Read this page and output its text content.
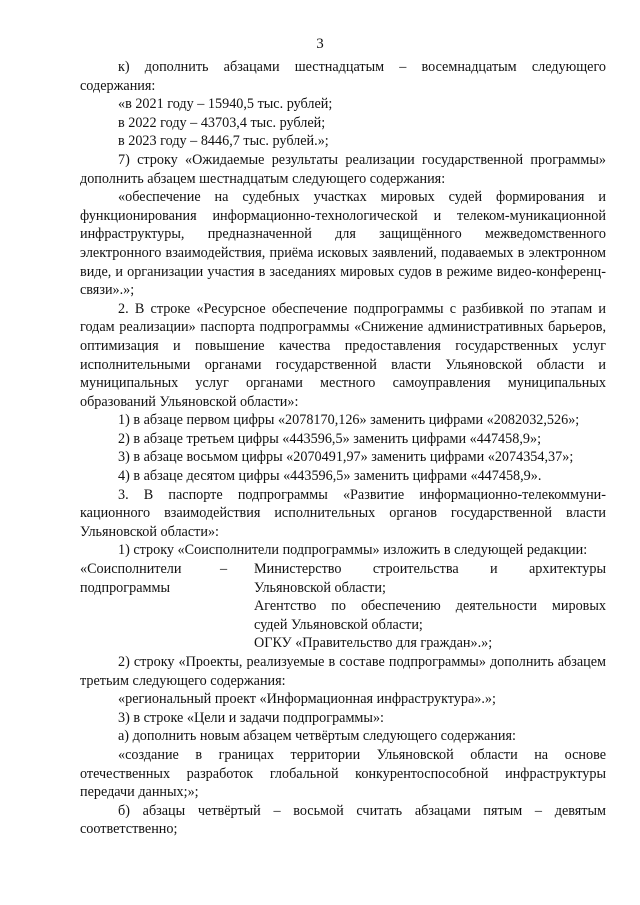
3

к) дополнить абзацами шестнадцатым – восемнадцатым следующего содержания:

«в 2021 году – 15940,5 тыс. рублей;

в 2022 году – 43703,4 тыс. рублей;

в 2023 году – 8446,7 тыс. рублей.»;

7) строку «Ожидаемые результаты реализации государственной программы» дополнить абзацем шестнадцатым следующего содержания:

«обеспечение на судебных участках мировых судей формирования и функционирования информационно-технологической и телеком-муникационной инфраструктуры, предназначенной для защищённого межведомственного электронного взаимодействия, приёма исковых заявлений, подаваемых в электронном виде, и организации участия в заседаниях мировых судов в режиме видео-конференц-связи».»;

2. В строке «Ресурсное обеспечение подпрограммы с разбивкой по этапам и годам реализации» паспорта подпрограммы «Снижение административных барьеров, оптимизация и повышение качества предоставления государственных услуг исполнительными органами государственной власти Ульяновской области и муниципальных услуг органами местного самоуправления муниципальных образований Ульяновской области»:

1) в абзаце первом цифры «2078170,126» заменить цифрами «2082032,526»;

2) в абзаце третьем цифры «443596,5» заменить цифрами «447458,9»;

3) в абзаце восьмом цифры «2070491,97» заменить цифрами «2074354,37»;

4) в абзаце десятом цифры «443596,5» заменить цифрами «447458,9».

3. В паспорте подпрограммы «Развитие информационно-телекоммуни-кационного взаимодействия исполнительных органов государственной власти Ульяновской области»:

1) строку «Соисполнители подпрограммы» изложить в следующей редакции:

«Соисполнители
подпрограммы
–	Министерство строительства и архитектуры
Ульяновской области;
Агентство по обеспечению деятельности мировых
судей Ульяновской области;
ОГКУ «Правительство для граждан».»;

2) строку «Проекты, реализуемые в составе подпрограммы» дополнить абзацем третьим следующего содержания:

«региональный проект «Информационная инфраструктура».»;

3) в строке «Цели и задачи подпрограммы»:

а) дополнить новым абзацем четвёртым следующего содержания:

«создание в границах территории Ульяновской области на основе отечественных разработок глобальной конкурентоспособной инфраструктуры передачи данных;»;

б) абзацы четвёртый – восьмой считать абзацами пятым – девятым соответственно;
